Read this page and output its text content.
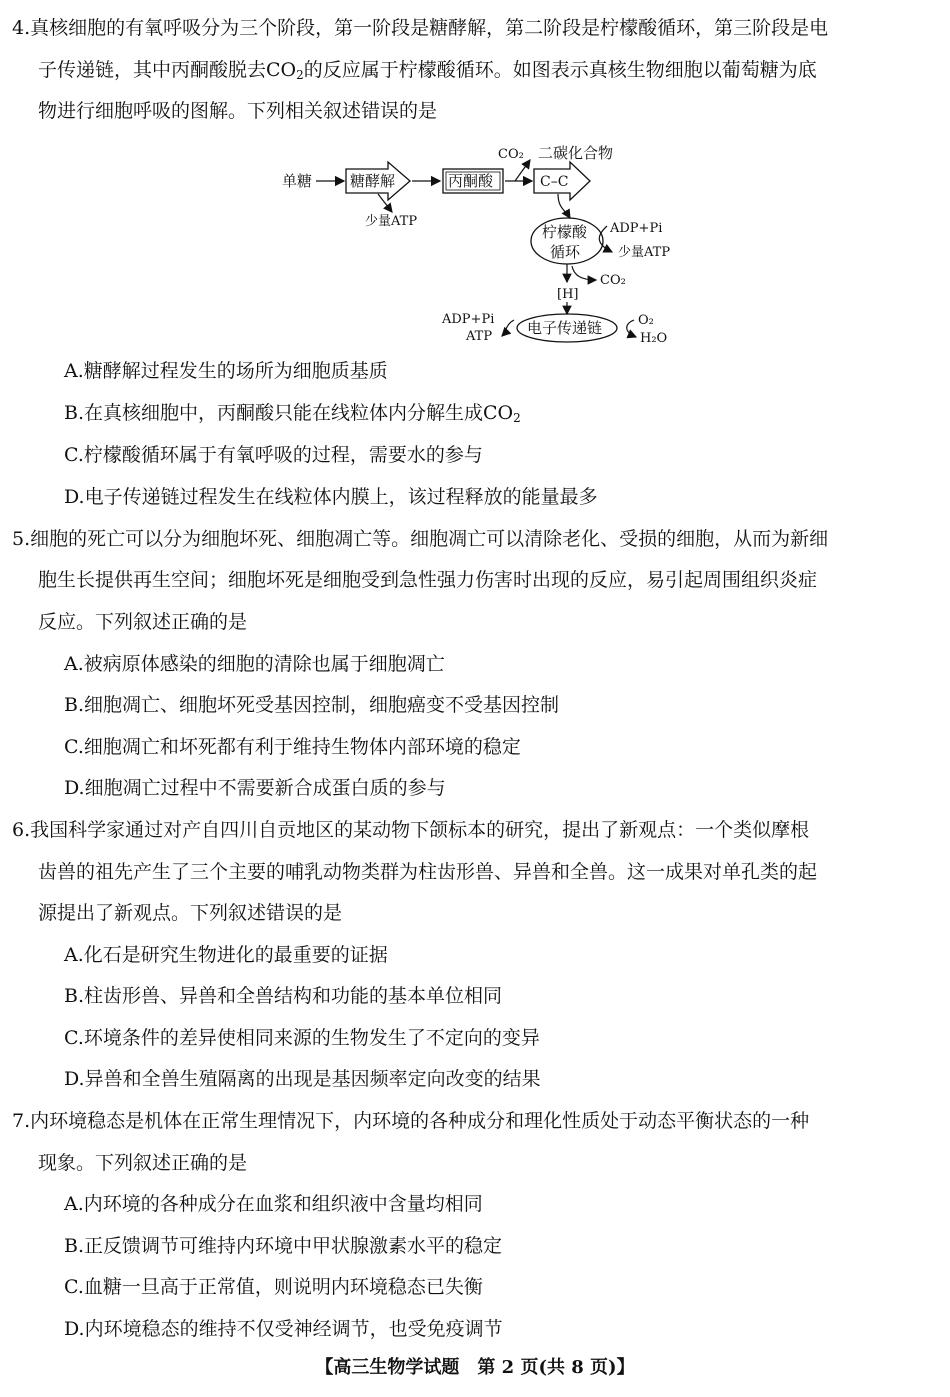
4.真核细胞的有氧呼吸分为三个阶段，第一阶段是糖酵解，第二阶段是柠檬酸循环，第三阶段是电
子传递链，其中丙酮酸脱去$CO_2$的反应属于柠檬酸循环。如图表示真核生物细胞以葡萄糖为底
物进行细胞呼吸的图解。下列相关叙述错误的是
单糖	糖酵解
少量ATP
丙酮酸
CO₂ 二碳化合物
C–C
柠檬酸
循环
ADP+Pi
少量ATP
CO₂
[H]
电子传递链
ADP+Pi
ATP
O₂
H₂O
A.糖酵解过程发生的场所为细胞质基质
B.在真核细胞中，丙酮酸只能在线粒体内分解生成$CO_2$
C.柠檬酸循环属于有氧呼吸的过程，需要水的参与
D.电子传递链过程发生在线粒体内膜上，该过程释放的能量最多
5.细胞的死亡可以分为细胞坏死、细胞凋亡等。细胞凋亡可以清除老化、受损的细胞，从而为新细
胞生长提供再生空间；细胞坏死是细胞受到急性强力伤害时出现的反应，易引起周围组织炎症
反应。下列叙述正确的是
A.被病原体感染的细胞的清除也属于细胞凋亡
B.细胞凋亡、细胞坏死受基因控制，细胞癌变不受基因控制
C.细胞凋亡和坏死都有利于维持生物体内部环境的稳定
D.细胞凋亡过程中不需要新合成蛋白质的参与
6.我国科学家通过对产自四川自贡地区的某动物下颌标本的研究，提出了新观点：一个类似摩根
齿兽的祖先产生了三个主要的哺乳动物类群为柱齿形兽、异兽和全兽。这一成果对单孔类的起
源提出了新观点。下列叙述错误的是
A.化石是研究生物进化的最重要的证据
B.柱齿形兽、异兽和全兽结构和功能的基本单位相同
C.环境条件的差异使相同来源的生物发生了不定向的变异
D.异兽和全兽生殖隔离的出现是基因频率定向改变的结果
7.内环境稳态是机体在正常生理情况下，内环境的各种成分和理化性质处于动态平衡状态的一种
现象。下列叙述正确的是
A.内环境的各种成分在血浆和组织液中含量均相同
B.正反馈调节可维持内环境中甲状腺激素水平的稳定
C.血糖一旦高于正常值，则说明内环境稳态已失衡
D.内环境稳态的维持不仅受神经调节，也受免疫调节
【高三生物学试题　第 2 页(共 8 页)】
